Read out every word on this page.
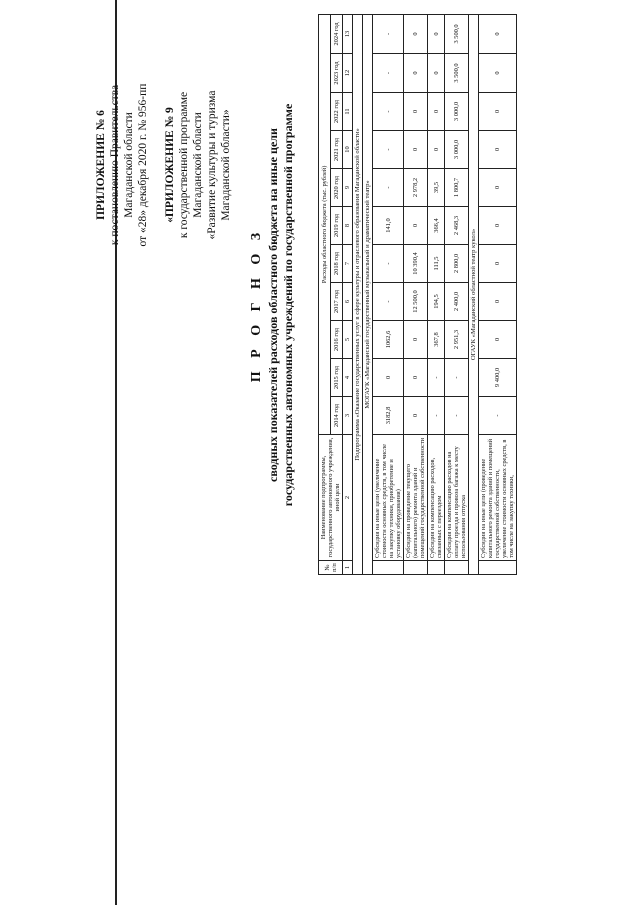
ПРИЛОЖЕНИЕ № 6 к постановлению Правительства Магаданской области от «28» декабря 2020 г. № 956-пп «ПРИЛОЖЕНИЕ № 9 к государственной программе Магаданской области «Развитие культуры и туризма Магаданской области»

П Р О Г Н О З сводных показателей расходов областного бюджета на иные цели государственных автономных учреждений по государственной программе
№ п/п	Наименование подпрограммы, государственного автономного учреждения, иной цели	Расходы областного бюджета (тыс. рублей)										
		2014 год	2015 год	2016 год	2017 год	2018 год	2019 год	2020 год	2021 год	2022 год	2023 год	2024 год
1	2	3	4	5	6	7	8	9	10	11	12	13
Подпрограмма «Оказание государственных услуг в сфере культуры и отраслевого образования Магаданской области»												
МОГАУК «Магаданский государственный музыкальный и драматический театр»												
	Субсидия на иные цели (увеличение стоимости основных средств, в том числе на закупку техники, приобретение и установку оборудования)	3182,8	0	1062,6	-	-	141,0	-	-	-	-	-
	Субсидия на проведение текущего (капитального) ремонта зданий и помещений государственной собственности	0	0	0	12 500,0	10 390,4	0	2 978,2	0	0	0	0
	Субсидия на компенсацию расходов, связанных с переездом	-	-	367,8	194,5	111,5	366,4	39,5	0	0	0	0
	Субсидия на компенсацию расходов на оплату проезда и провоза багажа к месту использования отпуска	-	-	2 951,3	2 400,0	2 800,0	2 468,3	1 800,7	3 000,0	3 000,0	3 500,0	3 500,0
ОГАУК «Магаданский областной театр кукол»												
	Субсидия на иные цели (проведение капитального ремонта зданий и помещений государственной собственности, увеличение стоимости основных средств, в том числе на закупку техники,	-	9 400,0	0	0	0	0	0	0	0	0	0
